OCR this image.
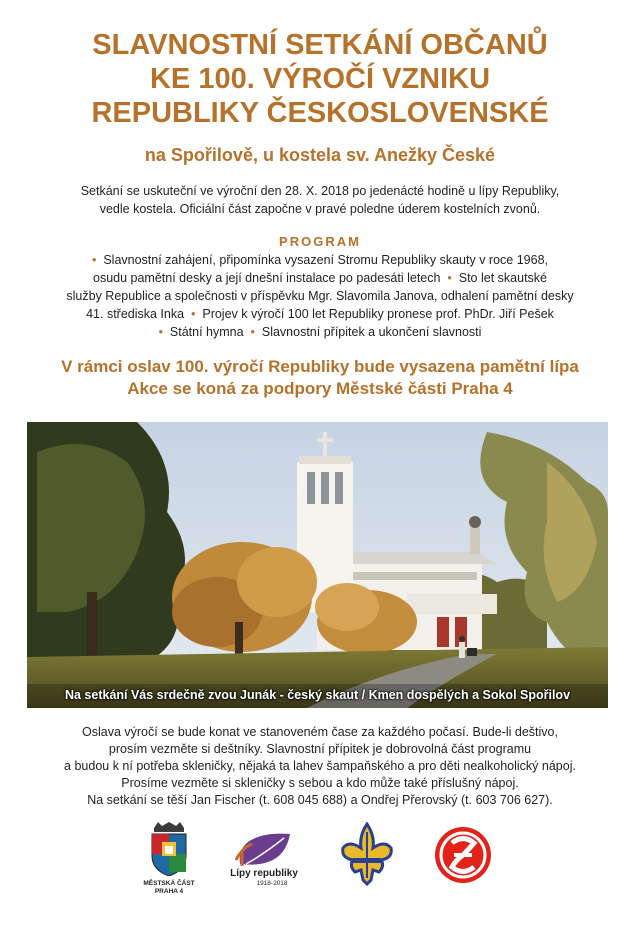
SLAVNOSTNÍ SETKÁNÍ OBČANŮ
KE 100. VÝROČÍ VZNIKU
REPUBLIKY ČESKOSLOVENSKÉ
na Spořilově, u kostela sv. Anežky České

Setkání se uskuteční ve výroční den 28. X. 2018 po jedenácté hodině u lípy Republiky,
vedle kostela. Oficiální část započne v pravé poledne úderem kostelních zvonů.

PROGRAM
• Slavnostní zahájení, připomínka vysazení Stromu Republiky skauty v roce 1968,
osudu pamětní desky a její dnešní instalace po padesáti letech • Sto let skautské
služby Republice a společnosti v příspěvku Mgr. Slavomila Janova, odhalení pamětní desky
41. střediska Inka • Projev k výročí 100 let Republiky pronese prof. PhDr. Jiří Pešek
• Státní hymna • Slavnostní přípitek a ukončení slavnosti
V rámci oslav 100. výročí Republiky bude vysazena pamětní lípa
Akce se koná za podpory Městské části Praha 4
Na setkání Vás srdečně zvou Junák - český skaut / Kmen dospělých a Sokol Spořilov
Oslava výročí se bude konat ve stanoveném čase za každého počasí. Bude-li deštivo,
prosím vezměte si deštníky. Slavnostní přípitek je dobrovolná část programu
a budou k ní potřeba skleničky, nějaká ta lahev šampaňského a pro děti nealkoholický nápoj.
Prosíme vezměte si skleničky s sebou a kdo může také příslušný nápoj.
Na setkání se těší Jan Fischer (t. 608 045 688) a Ondřej Přerovský (t. 603 706 627).
MĚSTSKÁ ČÁST
PRAHA 4
Lípy republiky
1918-2018
